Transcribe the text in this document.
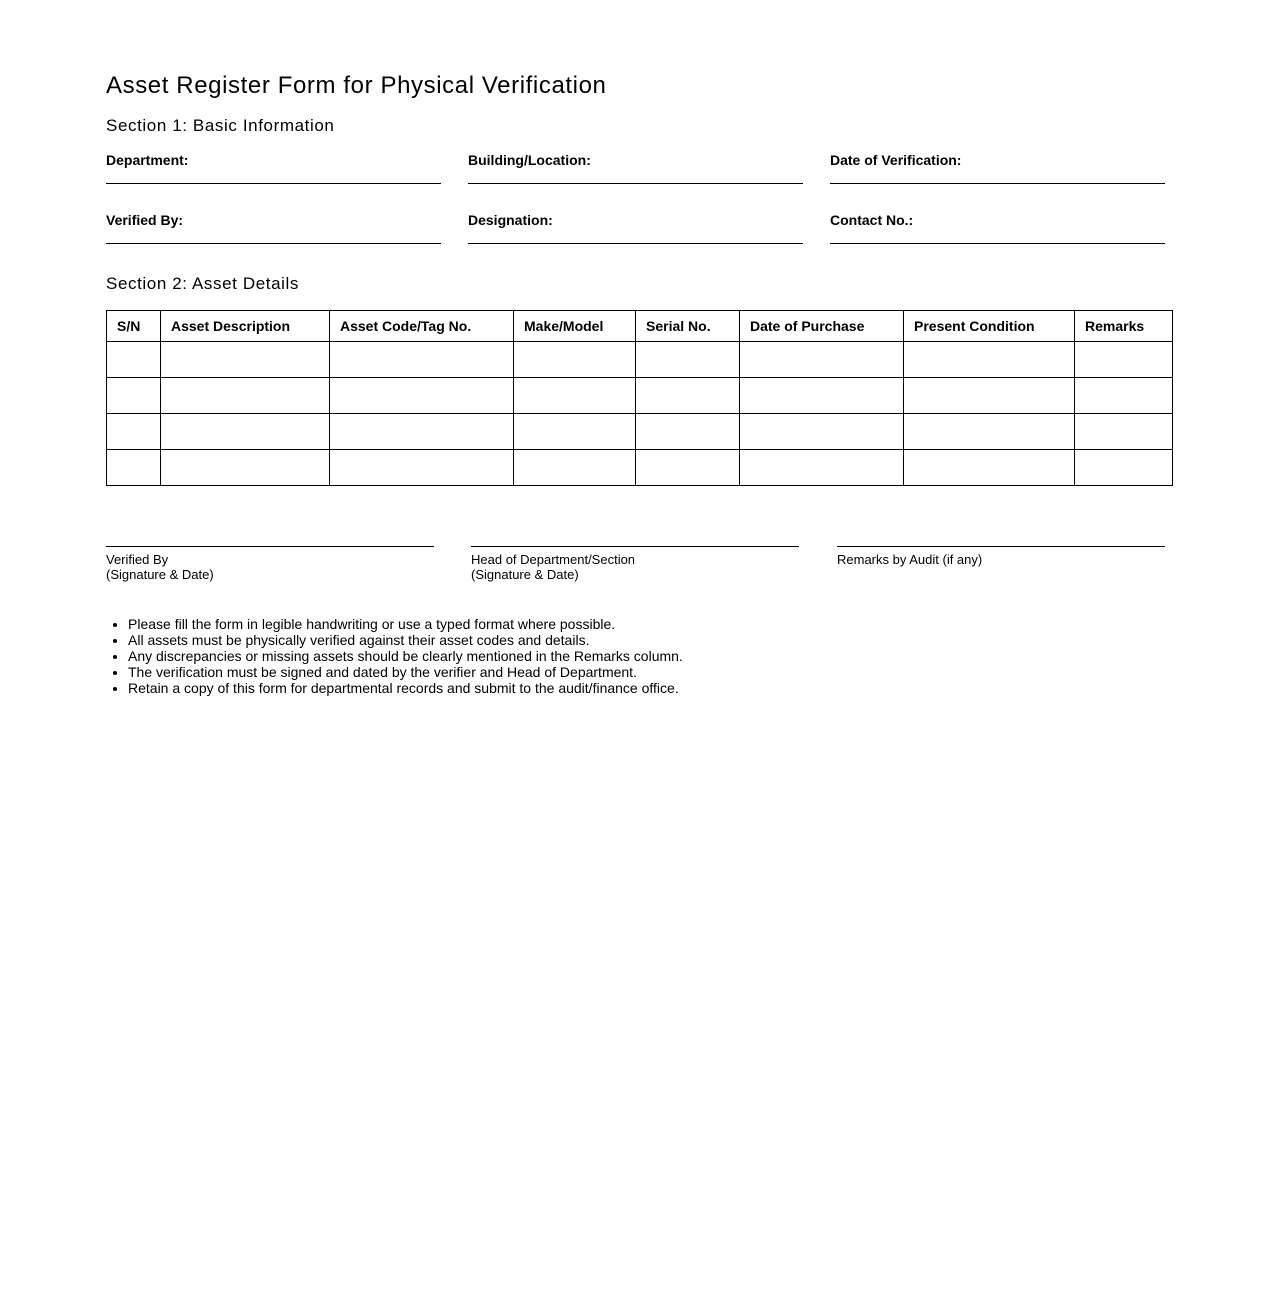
Asset Register Form for Physical Verification
Section 1: Basic Information
Department:	Building/Location:	Date of Verification:
Verified By:	Designation:	Contact No.:
Section 2: Asset Details
S/N	Asset Description	Asset Code/Tag No.	Make/Model	Serial No.	Date of Purchase	Present Condition	Remarks

Verified By
(Signature & Date)
Head of Department/Section
(Signature & Date)
Remarks by Audit (if any)
• Please fill the form in legible handwriting or use a typed format where possible.
• All assets must be physically verified against their asset codes and details.
• Any discrepancies or missing assets should be clearly mentioned in the Remarks column.
• The verification must be signed and dated by the verifier and Head of Department.
• Retain a copy of this form for departmental records and submit to the audit/finance office.
